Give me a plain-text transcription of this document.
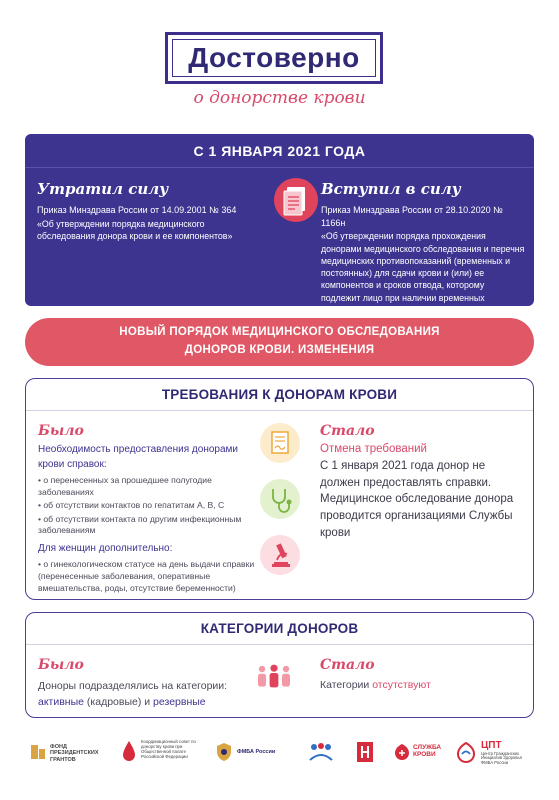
Достоверно
о донорстве крови
С 1 ЯНВАРЯ 2021 ГОДА
Утратил силу
Приказ Минздрава России от 14.09.2001 № 364
«Об утверждении порядка медицинского обследования донора крови и ее компонентов»
Вступил в силу
Приказ Минздрава России от 28.10.2020 № 1166н
«Об утверждении порядка прохождения донорами медицинского обследования и перечня медицинских противопоказаний (временных и постоянных) для сдачи крови и (или) ее компонентов и сроков отвода, которому подлежит лицо при наличии временных медицинских показаний, от донорства крови и
НОВЫЙ ПОРЯДОК МЕДИЦИНСКОГО ОБСЛЕДОВАНИЯ
ДОНОРОВ КРОВИ. ИЗМЕНЕНИЯ
ТРЕБОВАНИЯ К ДОНОРАМ КРОВИ
Было
Необходимость предоставления донорами крови справок:
• о перенесенных за прошедшее полугодие заболеваниях
• об отсутствии контактов по гепатитам А, В, С
• об отсутствии контакта по другим инфекционным заболеваниям
Для женщин дополнительно:
• о гинекологическом статусе на день выдачи справки (перенесенные заболевания, оперативные вмешательства, роды, отсутствие беременности)
Стало
Отмена требований
С 1 января 2021 года донор не должен предоставлять справки. Медицинское обследование донора проводится организациями Службы крови
КАТЕГОРИИ ДОНОРОВ
Было
Доноры подразделялись на категории:
активные (кадровые) и резервные
Стало
Категории отсутствуют
ФОНД
ПРЕЗИДЕНТСКИХ
ГРАНТОВ
Координационный совет по донорству крови при Общественной палате Российской Федерации
ФМБА России
СЛУЖБА
КРОВИ
ЦПТ
Центр Гражданских Инициатив Здоровья ФМБА России
